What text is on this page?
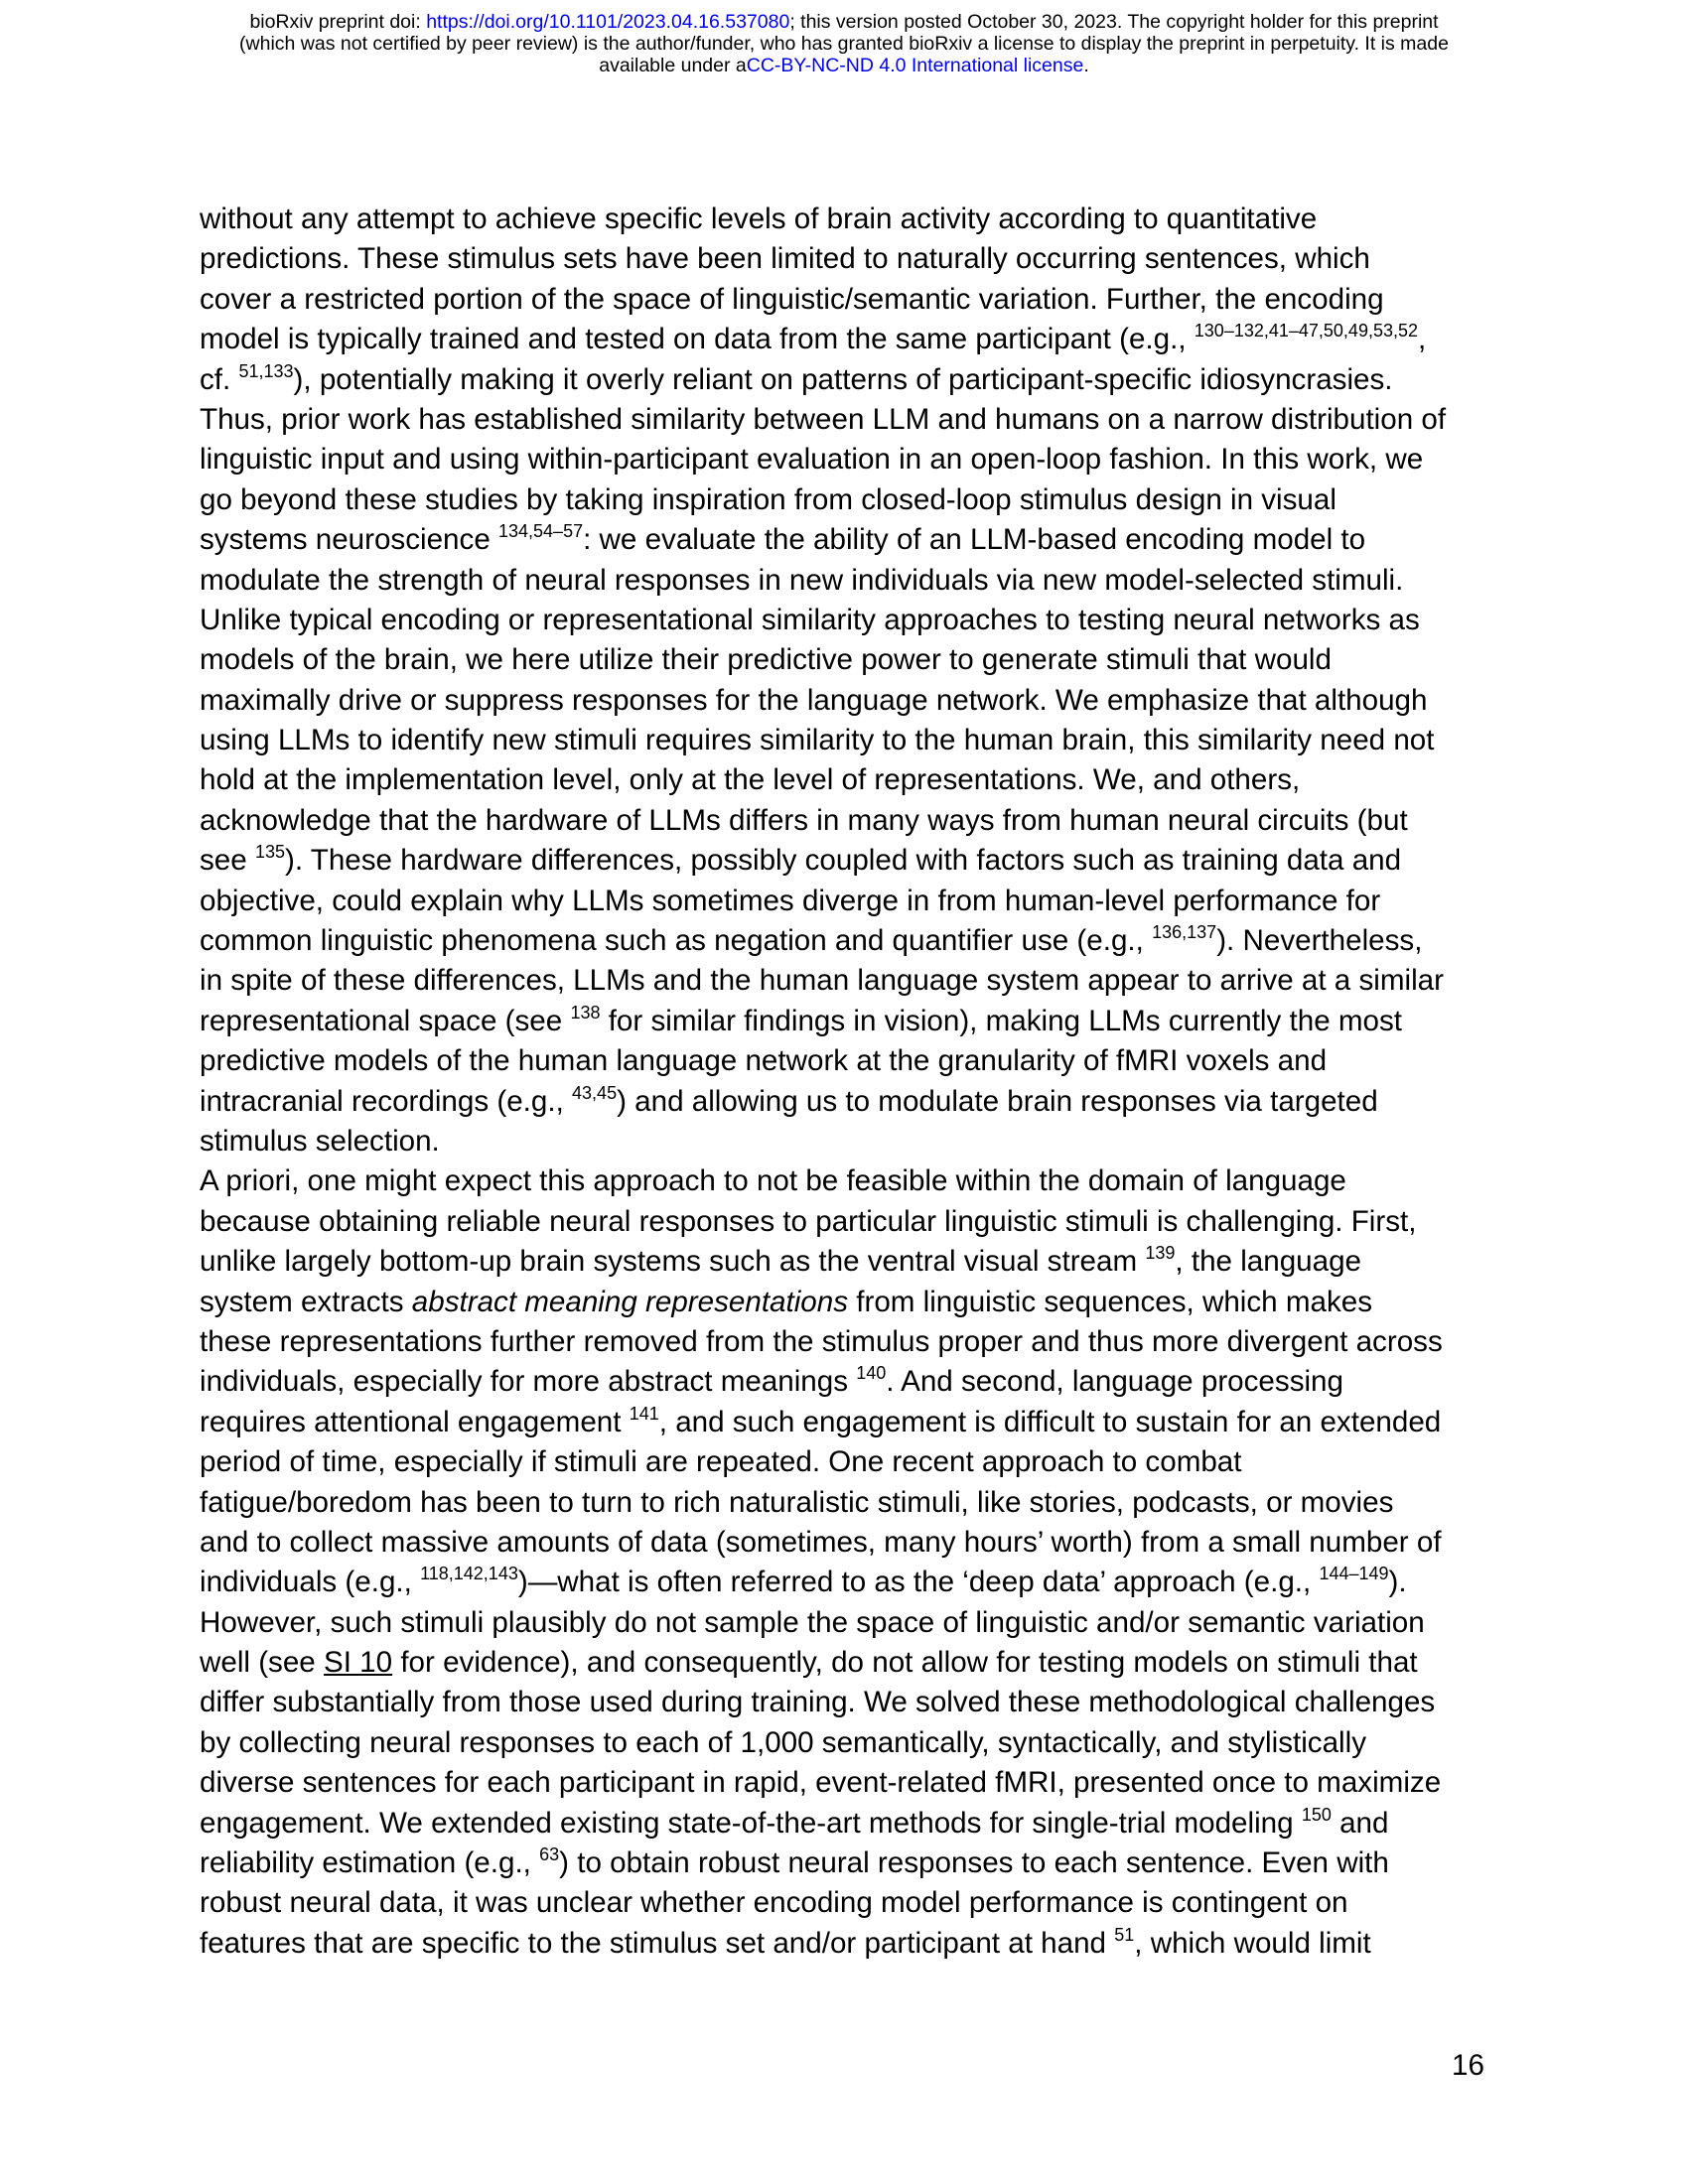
bioRxiv preprint doi: https://doi.org/10.1101/2023.04.16.537080; this version posted October 30, 2023. The copyright holder for this preprint
(which was not certified by peer review) is the author/funder, who has granted bioRxiv a license to display the preprint in perpetuity. It is made
available under aCC-BY-NC-ND 4.0 International license.
without any attempt to achieve specific levels of brain activity according to quantitative
predictions. These stimulus sets have been limited to naturally occurring sentences, which
cover a restricted portion of the space of linguistic/semantic variation. Further, the encoding
model is typically trained and tested on data from the same participant (e.g., $^{130-132,41-47,50,49,53,52}$,
cf. $^{51,133}$), potentially making it overly reliant on patterns of participant-specific idiosyncrasies.
Thus, prior work has established similarity between LLM and humans on a narrow distribution of
linguistic input and using within-participant evaluation in an open-loop fashion. In this work, we
go beyond these studies by taking inspiration from closed-loop stimulus design in visual
systems neuroscience $^{134,54-57}$: we evaluate the ability of an LLM-based encoding model to
modulate the strength of neural responses in new individuals via new model-selected stimuli.
Unlike typical encoding or representational similarity approaches to testing neural networks as
models of the brain, we here utilize their predictive power to generate stimuli that would
maximally drive or suppress responses for the language network. We emphasize that although
using LLMs to identify new stimuli requires similarity to the human brain, this similarity need not
hold at the implementation level, only at the level of representations. We, and others,
acknowledge that the hardware of LLMs differs in many ways from human neural circuits (but
see $^{135}$). These hardware differences, possibly coupled with factors such as training data and
objective, could explain why LLMs sometimes diverge in from human-level performance for
common linguistic phenomena such as negation and quantifier use (e.g., $^{136,137}$). Nevertheless,
in spite of these differences, LLMs and the human language system appear to arrive at a similar
representational space (see $^{138}$ for similar findings in vision), making LLMs currently the most
predictive models of the human language network at the granularity of fMRI voxels and
intracranial recordings (e.g., $^{43,45}$) and allowing us to modulate brain responses via targeted
stimulus selection.
A priori, one might expect this approach to not be feasible within the domain of language
because obtaining reliable neural responses to particular linguistic stimuli is challenging. First,
unlike largely bottom-up brain systems such as the ventral visual stream $^{139}$, the language
system extracts abstract meaning representations from linguistic sequences, which makes
these representations further removed from the stimulus proper and thus more divergent across
individuals, especially for more abstract meanings $^{140}$. And second, language processing
requires attentional engagement $^{141}$, and such engagement is difficult to sustain for an extended
period of time, especially if stimuli are repeated. One recent approach to combat
fatigue/boredom has been to turn to rich naturalistic stimuli, like stories, podcasts, or movies
and to collect massive amounts of data (sometimes, many hours’ worth) from a small number of
individuals (e.g., $^{118,142,143}$)—what is often referred to as the ‘deep data’ approach (e.g., $^{144-149}$).
However, such stimuli plausibly do not sample the space of linguistic and/or semantic variation
well (see SI 10 for evidence), and consequently, do not allow for testing models on stimuli that
differ substantially from those used during training. We solved these methodological challenges
by collecting neural responses to each of 1,000 semantically, syntactically, and stylistically
diverse sentences for each participant in rapid, event-related fMRI, presented once to maximize
engagement. We extended existing state-of-the-art methods for single-trial modeling $^{150}$ and
reliability estimation (e.g., $^{63}$) to obtain robust neural responses to each sentence. Even with
robust neural data, it was unclear whether encoding model performance is contingent on
features that are specific to the stimulus set and/or participant at hand $^{51}$, which would limit
16
